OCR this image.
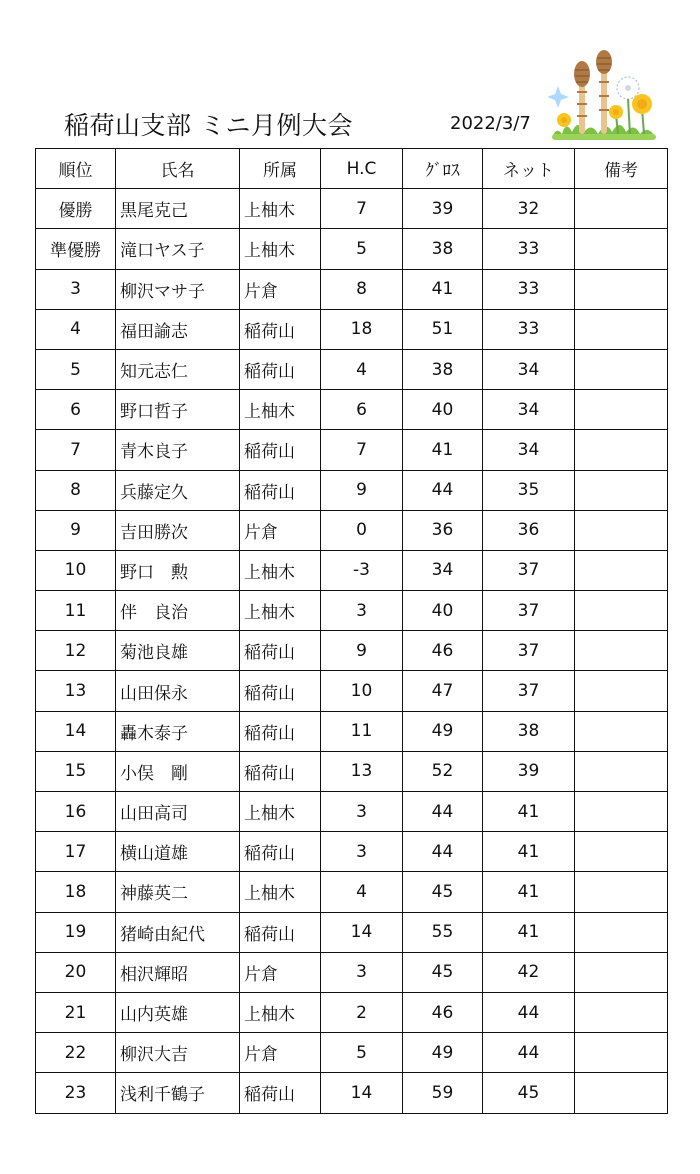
稲荷山支部 ミニ月例大会	2022/3/7
順位	氏名	所属	H.C	ｸﾞﾛｽ	ネット	備考
優勝	黒尾克己	上柚木	7	39	32	
準優勝	滝口ヤス子	上柚木	5	38	33	
3	柳沢マサ子	片倉	8	41	33	
4	福田諭志	稲荷山	18	51	33	
5	知元志仁	稲荷山	4	38	34	
6	野口哲子	上柚木	6	40	34	
7	青木良子	稲荷山	7	41	34	
8	兵藤定久	稲荷山	9	44	35	
9	吉田勝次	片倉	0	36	36	
10	野口　勲	上柚木	-3	34	37	
11	伴　良治	上柚木	3	40	37	
12	菊池良雄	稲荷山	9	46	37	
13	山田保永	稲荷山	10	47	37	
14	轟木泰子	稲荷山	11	49	38	
15	小俣　剛	稲荷山	13	52	39	
16	山田高司	上柚木	3	44	41	
17	横山道雄	稲荷山	3	44	41	
18	神藤英二	上柚木	4	45	41	
19	猪崎由紀代	稲荷山	14	55	41	
20	相沢輝昭	片倉	3	45	42	
21	山内英雄	上柚木	2	46	44	
22	柳沢大吉	片倉	5	49	44	
23	浅利千鶴子	稲荷山	14	59	45	
